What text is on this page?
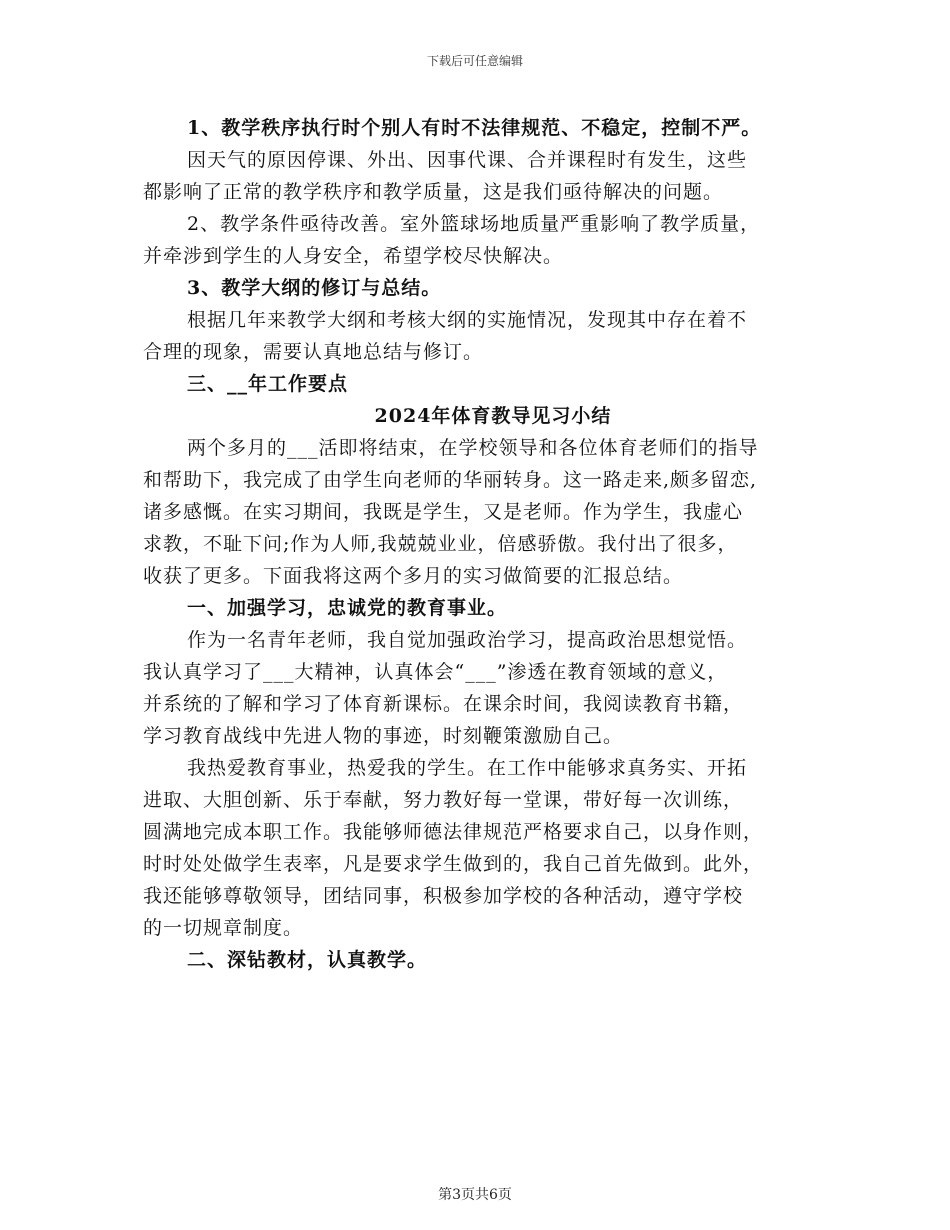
下载后可任意编辑
1、教学秩序执行时个别人有时不法律规范、不稳定，控制不严。
因天气的原因停课、外出、因事代课、合并课程时有发生，这些
都影响了正常的教学秩序和教学质量，这是我们亟待解决的问题。
2、教学条件亟待改善。室外篮球场地质量严重影响了教学质量，
并牵涉到学生的人身安全，希望学校尽快解决。
3、教学大纲的修订与总结。
根据几年来教学大纲和考核大纲的实施情况，发现其中存在着不
合理的现象，需要认真地总结与修订。
三、__年工作要点
2024年体育教导见习小结
两个多月的___活即将结束，在学校领导和各位体育老师们的指导
和帮助下，我完成了由学生向老师的华丽转身。这一路走来,颇多留恋,
诸多感慨。在实习期间，我既是学生，又是老师。作为学生，我虚心
求教，不耻下问;作为人师,我兢兢业业，倍感骄傲。我付出了很多，
收获了更多。下面我将这两个多月的实习做简要的汇报总结。
一、加强学习，忠诚党的教育事业。
作为一名青年老师，我自觉加强政治学习，提高政治思想觉悟。
我认真学习了___大精神，认真体会“___”渗透在教育领域的意义，
并系统的了解和学习了体育新课标。在课余时间，我阅读教育书籍，
学习教育战线中先进人物的事迹，时刻鞭策激励自己。
我热爱教育事业，热爱我的学生。在工作中能够求真务实、开拓
进取、大胆创新、乐于奉献，努力教好每一堂课，带好每一次训练，
圆满地完成本职工作。我能够师德法律规范严格要求自己，以身作则，
时时处处做学生表率，凡是要求学生做到的，我自己首先做到。此外，
我还能够尊敬领导，团结同事，积极参加学校的各种活动，遵守学校
的一切规章制度。
二、深钻教材，认真教学。
第3页共6页
